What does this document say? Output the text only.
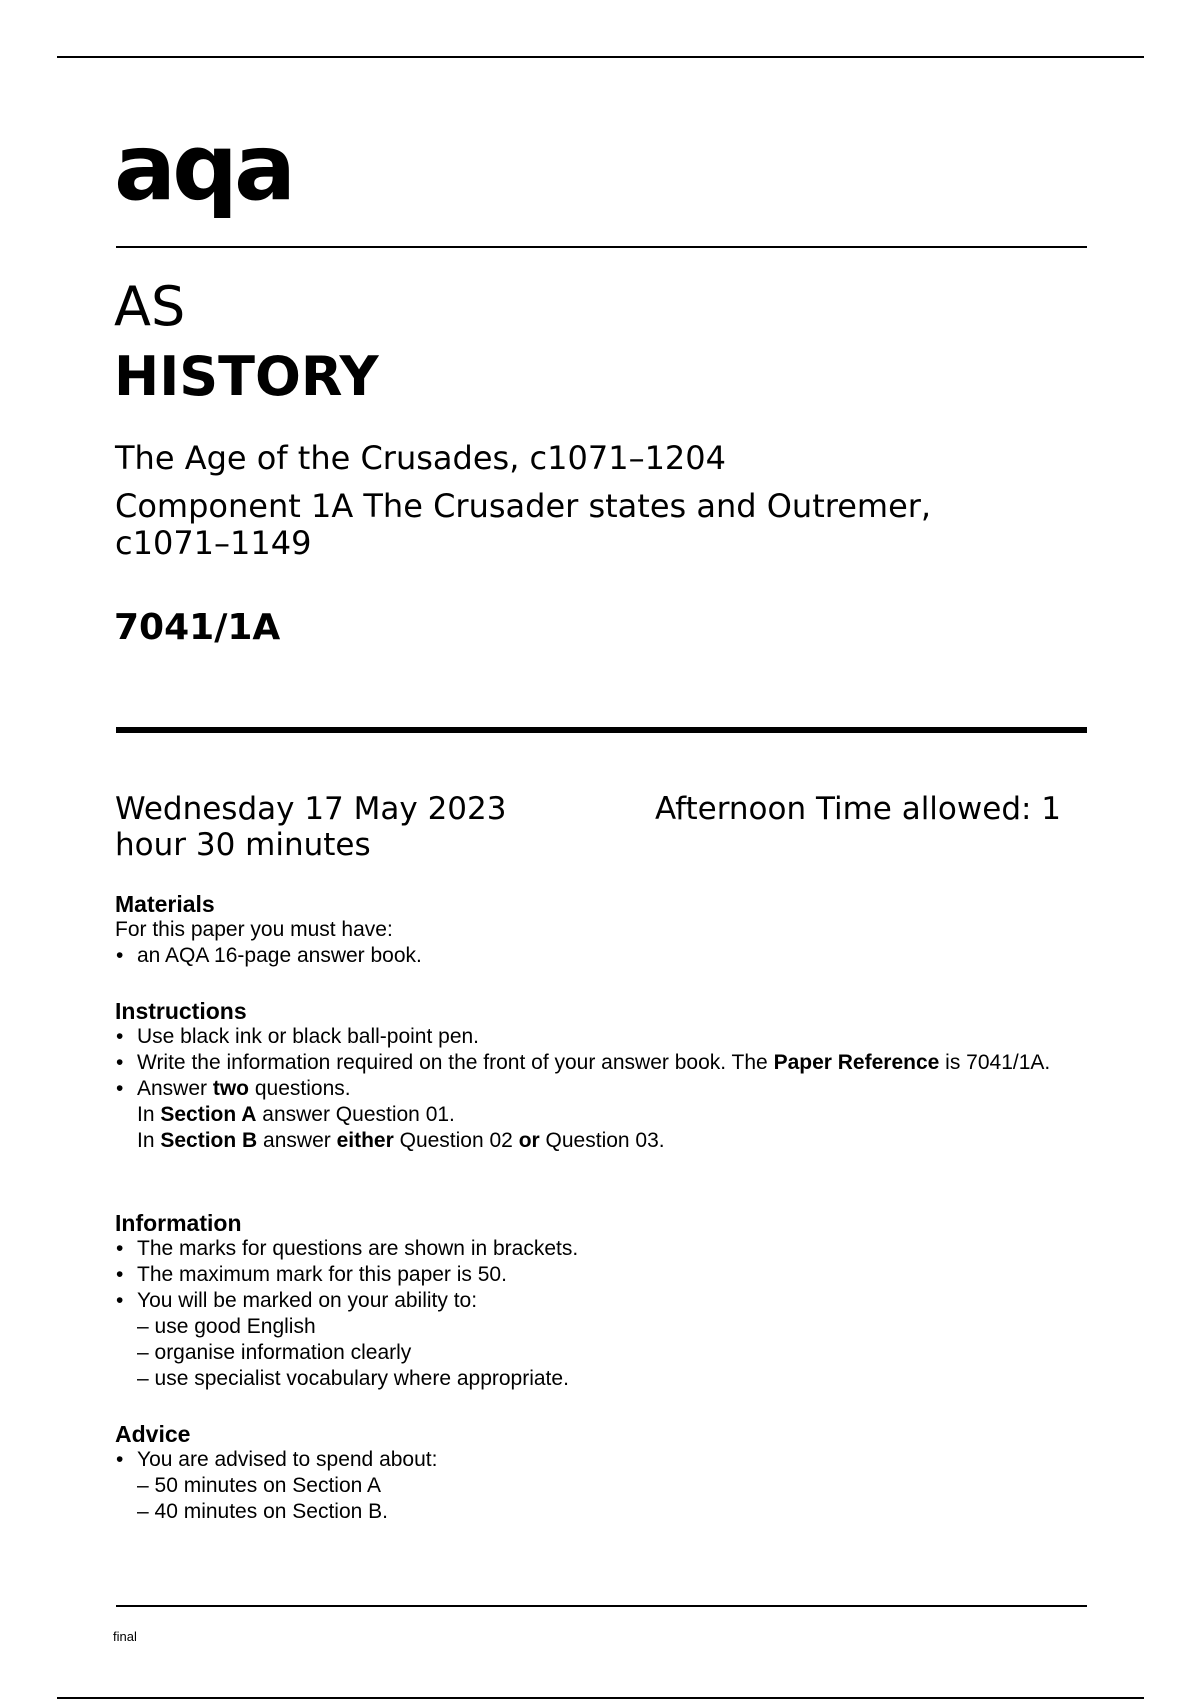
aqa
AS
HISTORY
The Age of the Crusades, c1071–1204
Component 1A The Crusader states and Outremer, c1071–1149
7041/1A
Wednesday 17 May 2023	Afternoon Time allowed: 1 hour 30 minutes
Materials
For this paper you must have:
• an AQA 16-page answer book.
Instructions
• Use black ink or black ball-point pen.
• Write the information required on the front of your answer book. The Paper Reference is 7041/1A.
• Answer two questions.
In Section A answer Question 01.
In Section B answer either Question 02 or Question 03.
Information
• The marks for questions are shown in brackets.
• The maximum mark for this paper is 50.
• You will be marked on your ability to:
– use good English
– organise information clearly
– use specialist vocabulary where appropriate.
Advice
• You are advised to spend about:
– 50 minutes on Section A
– 40 minutes on Section B.
final
